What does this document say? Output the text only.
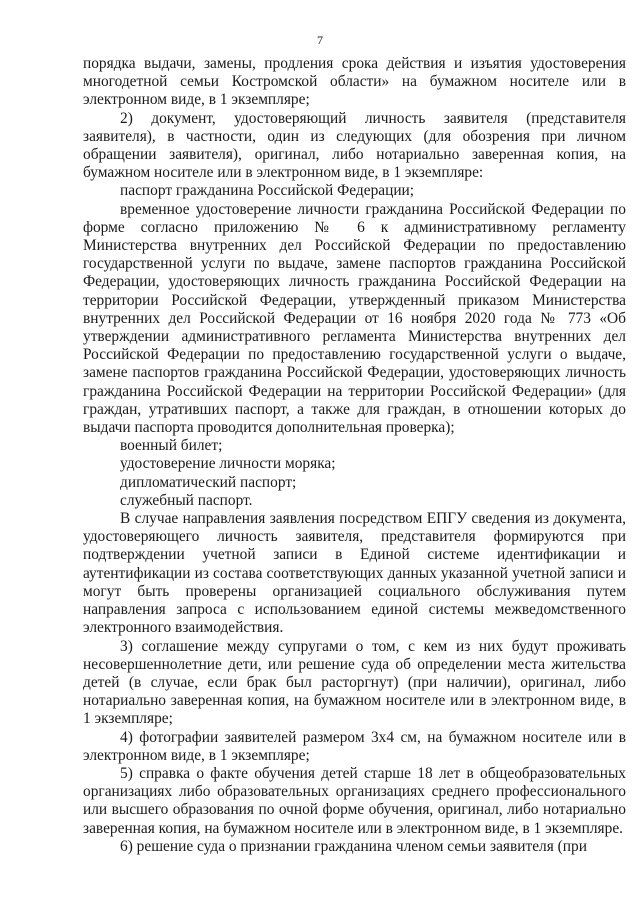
7

порядка выдачи, замены, продления срока действия и изъятия удостоверения многодетной семьи Костромской области» на бумажном носителе или в электронном виде, в 1 экземпляре;

2) документ, удостоверяющий личность заявителя (представителя заявителя), в частности, один из следующих (для обозрения при личном обращении заявителя), оригинал, либо нотариально заверенная копия, на бумажном носителе или в электронном виде, в 1 экземпляре:

паспорт гражданина Российской Федерации;

временное удостоверение личности гражданина Российской Федерации по форме согласно приложению № 6 к административному регламенту Министерства внутренних дел Российской Федерации по предоставлению государственной услуги по выдаче, замене паспортов гражданина Российской Федерации, удостоверяющих личность гражданина Российской Федерации на территории Российской Федерации, утвержденный приказом Министерства внутренних дел Российской Федерации от 16 ноября 2020 года № 773 «Об утверждении административного регламента Министерства внутренних дел Российской Федерации по предоставлению государственной услуги о выдаче, замене паспортов гражданина Российской Федерации, удостоверяющих личность гражданина Российской Федерации на территории Российской Федерации» (для граждан, утративших паспорт, а также для граждан, в отношении которых до выдачи паспорта проводится дополнительная проверка);

военный билет;

удостоверение личности моряка;

дипломатический паспорт;

служебный паспорт.

В случае направления заявления посредством ЕПГУ сведения из документа, удостоверяющего личность заявителя, представителя формируются при подтверждении учетной записи в Единой системе идентификации и аутентификации из состава соответствующих данных указанной учетной записи и могут быть проверены организацией социального обслуживания путем направления запроса с использованием единой системы межведомственного электронного взаимодействия.

3) соглашение между супругами о том, с кем из них будут проживать несовершеннолетние дети, или решение суда об определении места жительства детей (в случае, если брак был расторгнут) (при наличии), оригинал, либо нотариально заверенная копия, на бумажном носителе или в электронном виде, в 1 экземпляре;

4) фотографии заявителей размером 3х4 см, на бумажном носителе или в электронном виде, в 1 экземпляре;

5) справка о факте обучения детей старше 18 лет в общеобразовательных организациях либо образовательных организациях среднего профессионального или высшего образования по очной форме обучения, оригинал, либо нотариально заверенная копия, на бумажном носителе или в электронном виде, в 1 экземпляре.

6) решение суда о признании гражданина членом семьи заявителя (при
